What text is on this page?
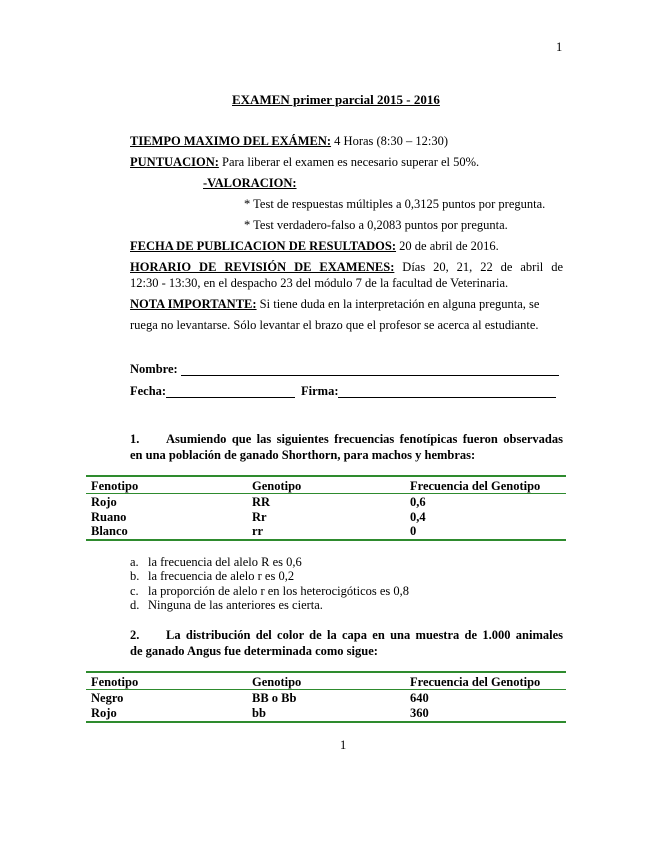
1
EXAMEN primer parcial 2015 - 2016
TIEMPO MAXIMO DEL EXÁMEN: 4 Horas (8:30 – 12:30)
PUNTUACION: Para liberar el examen es necesario superar el 50%.
-VALORACION:
* Test de respuestas múltiples a 0,3125 puntos por pregunta.
* Test verdadero-falso a 0,2083 puntos por pregunta.
FECHA DE PUBLICACION DE RESULTADOS: 20 de abril de 2016.
HORARIO DE REVISIÓN DE EXAMENES: Días 20, 21, 22 de abril de
12:30 - 13:30, en el despacho 23 del módulo 7 de la facultad de Veterinaria.
NOTA IMPORTANTE: Si tiene duda en la interpretación en alguna pregunta, se
ruega no levantarse. Sólo levantar el brazo que el profesor se acerca al estudiante.
Nombre:
Fecha:	Firma:
1. Asumiendo que las siguientes frecuencias fenotípicas fueron observadas
en una población de ganado Shorthorn, para machos y hembras:
Fenotipo	Genotipo	Frecuencia del Genotipo
Rojo	RR	0,6
Ruano	Rr	0,4
Blanco	rr	0
a. la frecuencia del alelo R es 0,6
b. la frecuencia de alelo r es 0,2
c. la proporción de alelo r en los heterocigóticos es 0,8
d. Ninguna de las anteriores es cierta.
2. La distribución del color de la capa en una muestra de 1.000 animales
de ganado Angus fue determinada como sigue:
Fenotipo	Genotipo	Frecuencia del Genotipo
Negro	BB o Bb	640
Rojo	bb	360
1
